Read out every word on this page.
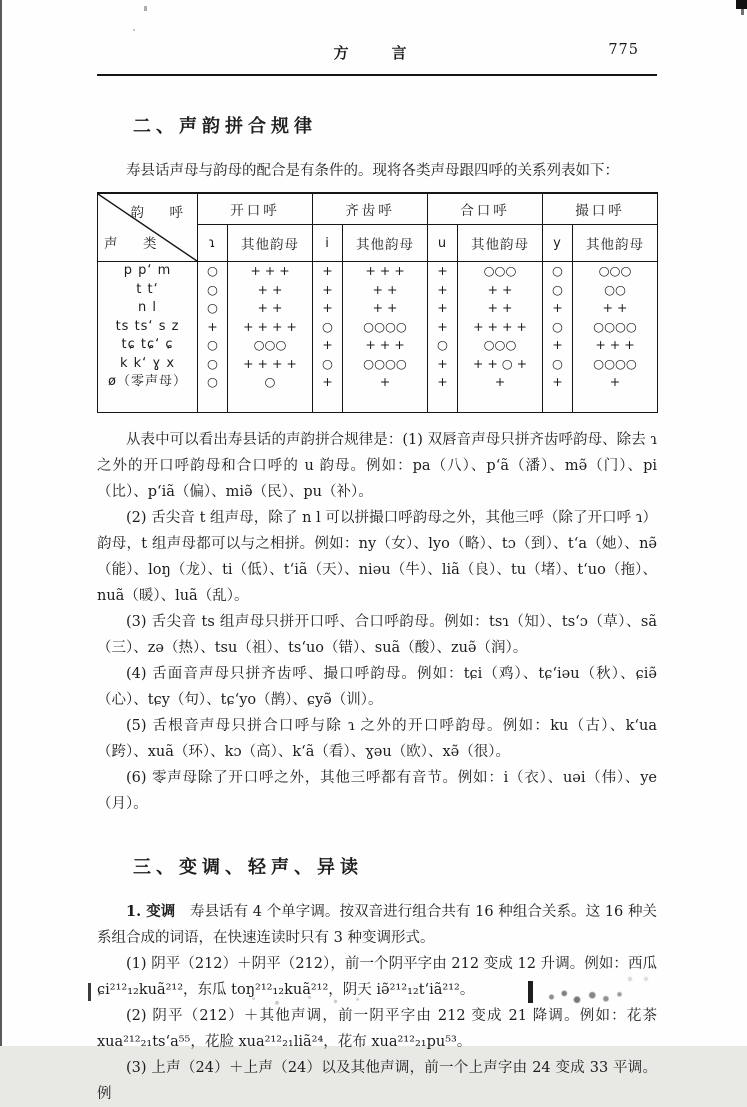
方　言	775
二、声韵拼合规律

寿县话声母与韵母的配合是有条件的。现将各类声母跟四呼的关系列表如下：

韵　呼
声　类	开口呼		齐齿呼		合口呼		撮口呼	
	ɿ	其他韵母	i	其他韵母	u	其他韵母	y	其他韵母
p p‘ m	○	+ + +	+	+ + +	+	○○○	○	○○○
t t‘	○	+ +	+	+ +	+	+ +	○	○○
n l	○	+ +	+	+ +	+	+ +	+	+ +
ts ts‘ s z	+	+ + + +	○	○○○○	+	+ + + +	○	○○○○
tɕ tɕ‘ ɕ	○	○○○	+	+ + +	○	○○○	+	+ + +
k k‘ ɣ x	○	+ + + +	○	○○○○	+	+ + ○ +	○	○○○○
ø（零声母）	○	○	+	+	+	+	+	+

从表中可以看出寿县话的声韵拼合规律是：(1) 双唇音声母只拼齐齿呼韵母、除去 ɿ 之外的开口呼韵母和合口呼的 u 韵母。例如：pa（八）、p‘ã（潘）、mə̃（门）、pi（比）、p‘iã（偏）、miə̃（民）、pu（补）。

(2) 舌尖音 t 组声母，除了 n l 可以拼撮口呼韵母之外，其他三呼（除了开口呼 ɿ）韵母，t 组声母都可以与之相拼。例如：ny（女）、lyo（略）、tɔ（到）、t‘a（她）、nə̃（能）、loŋ（龙）、ti（低）、t‘iã（天）、niəu（牛）、liã（良）、tu（堵）、t‘uo（拖）、nuã（暖）、luã（乱）。

(3) 舌尖音 ts 组声母只拼开口呼、合口呼韵母。例如：tsɿ（知）、ts‘ɔ（草）、sã（三）、zə（热）、tsu（祖）、ts‘uo（错）、suã（酸）、zuə̃（润）。

(4) 舌面音声母只拼齐齿呼、撮口呼韵母。例如：tɕi（鸡）、tɕ‘iəu（秋）、ɕiə̃（心）、tɕy（句）、tɕ‘yo（鹊）、ɕyə̃（训）。

(5) 舌根音声母只拼合口呼与除 ɿ 之外的开口呼韵母。例如：ku（古）、k‘ua（跨）、xuã（环）、kɔ（高）、k‘ã（看）、ɣəu（欧）、xə̃（很）。

(6) 零声母除了开口呼之外，其他三呼都有音节。例如：i（衣）、uəi（伟）、ye（月）。

三、变调、轻声、异读

1. 变调　寿县话有 4 个单字调。按双音进行组合共有 16 种组合关系。这 16 种关系组合成的词语，在快速连读时只有 3 种变调形式。

(1) 阴平（212）＋阴平（212），前一个阴平字由 212 变成 12 升调。例如：西瓜 ɕi²¹²₁₂kuã²¹²，东瓜 toŋ²¹²₁₂kuã²¹²，阴天 iə̃²¹²₁₂t‘iã²¹²。

(2) 阴平（212）＋其他声调，前一阴平字由 212 变成 21 降调。例如：花茶 xua²¹²₂₁ts‘a⁵⁵，花脸 xua²¹²₂₁liã²⁴，花布 xua²¹²₂₁pu⁵³。

(3) 上声（24）＋上声（24）以及其他声调，前一个上声字由 24 变成 33 平调。例
